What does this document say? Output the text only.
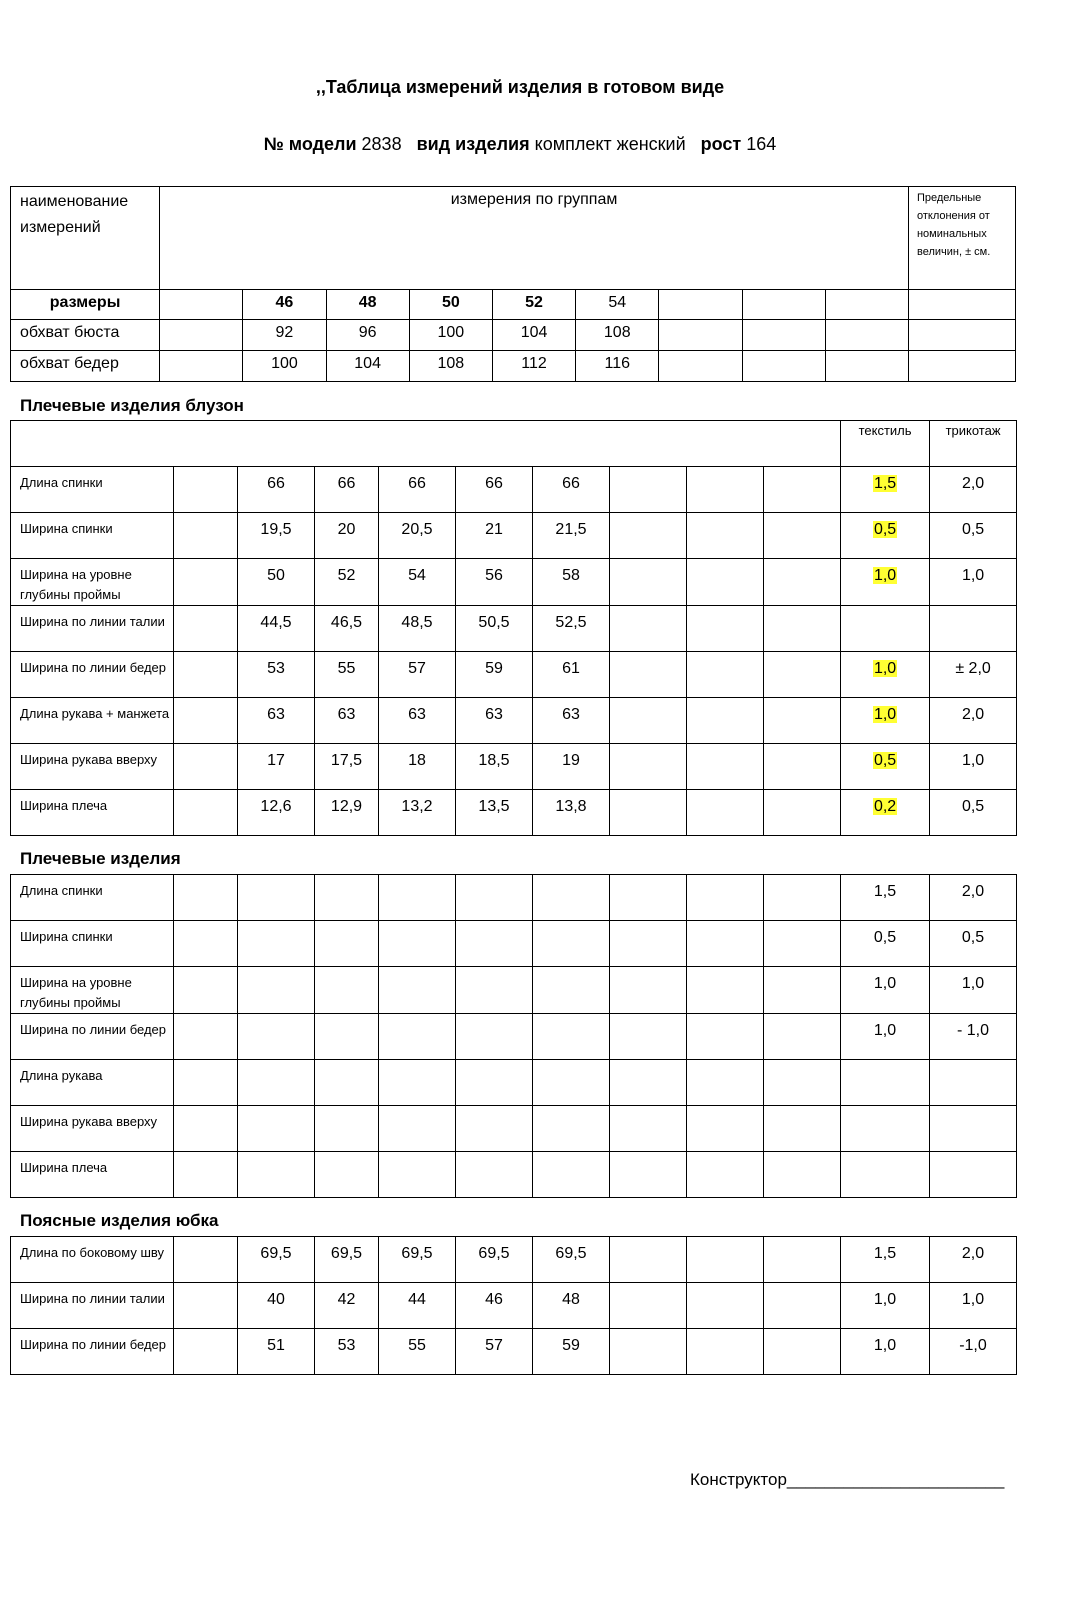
,,Таблица измерений изделия в готовом виде
№ модели 2838 вид изделия комплект женский рост 164
наименование измерений	измерения по группам									Предельные отклонения от номинальных величин, ± см.
размеры		46	48	50	52	54				
обхват бюста		92	96	100	104	108				
обхват бедер		100	104	108	112	116				
Плечевые изделия блузон
										текстиль	трикотаж
Длина спинки		66	66	66	66	66				1,5	2,0
Ширина спинки		19,5	20	20,5	21	21,5				0,5	0,5
Ширина на уровне глубины проймы		50	52	54	56	58				1,0	1,0
Ширина по линии талии		44,5	46,5	48,5	50,5	52,5					
Ширина по линии бедер		53	55	57	59	61				1,0	± 2,0
Длина рукава + манжета		63	63	63	63	63				1,0	2,0
Ширина рукава вверху		17	17,5	18	18,5	19				0,5	1,0
Ширина плеча		12,6	12,9	13,2	13,5	13,8				0,2	0,5
Плечевые изделия
Длина спинки										1,5	2,0
Ширина спинки										0,5	0,5
Ширина на уровне глубины проймы										1,0	1,0
Ширина по линии бедер										1,0	- 1,0
Длина рукава											
Ширина рукава вверху											
Ширина плеча											
Поясные изделия юбка
Длина по боковому шву		69,5	69,5	69,5	69,5	69,5				1,5	2,0
Ширина по линии талии		40	42	44	46	48				1,0	1,0
Ширина по линии бедер		51	53	55	57	59				1,0	-1,0
Конструктор_______________________
